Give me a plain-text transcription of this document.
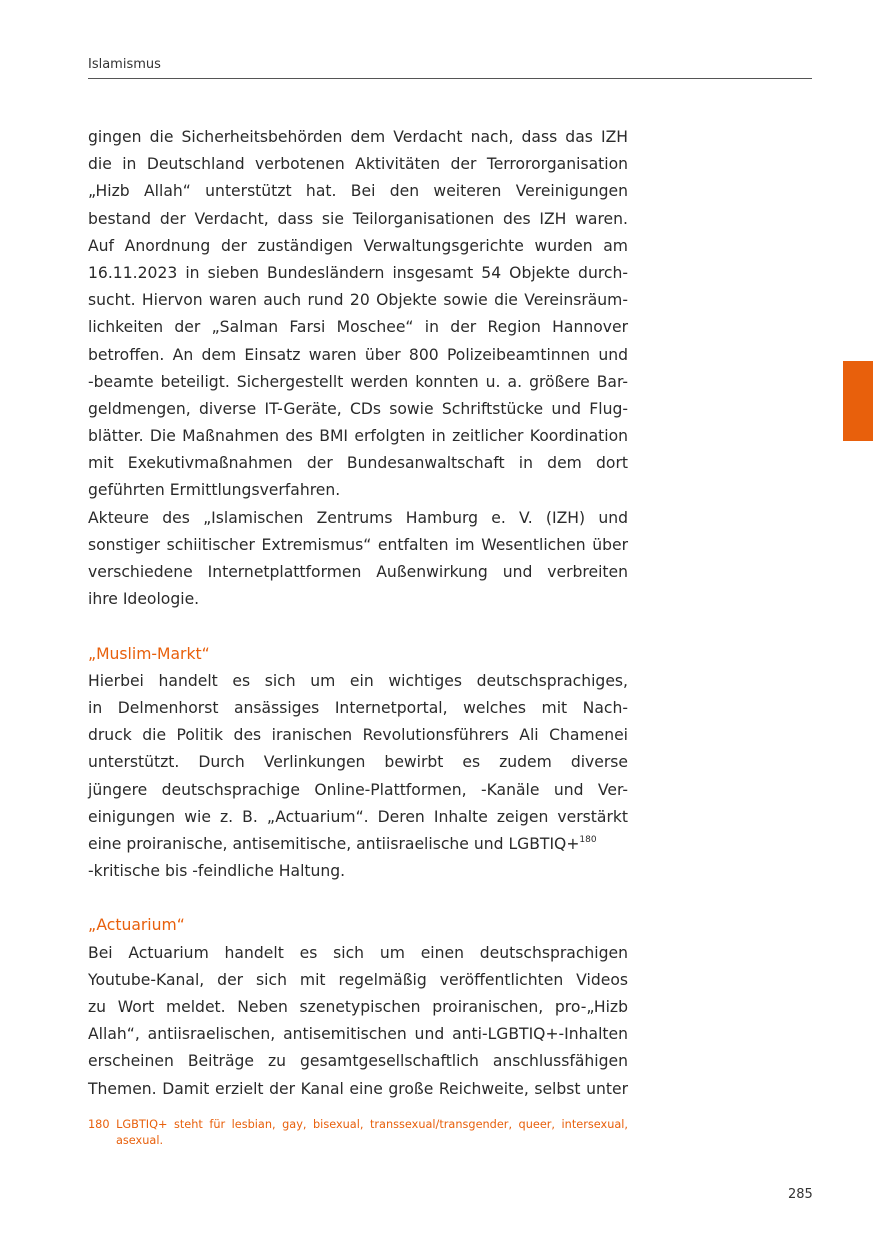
Islamismus
gingen die Sicherheitsbehörden dem Verdacht nach, dass das IZH
die in Deutschland verbotenen Aktivitäten der Terrororganisation
„Hizb Allah“ unterstützt hat. Bei den weiteren Vereinigungen
bestand der Verdacht, dass sie Teilorganisationen des IZH waren.
Auf Anordnung der zuständigen Verwaltungsgerichte wurden am
16.11.2023 in sieben Bundesländern insgesamt 54 Objekte durch-
sucht. Hiervon waren auch rund 20 Objekte sowie die Vereinsräum-
lichkeiten der „Salman Farsi Moschee“ in der Region Hannover
betroffen. An dem Einsatz waren über 800 Polizeibeamtinnen und
-beamte beteiligt. Sichergestellt werden konnten u. a. größere Bar-
geldmengen, diverse IT-Geräte, CDs sowie Schriftstücke und Flug-
blätter. Die Maßnahmen des BMI erfolgten in zeitlicher Koordination
mit Exekutivmaßnahmen der Bundesanwaltschaft in dem dort
geführten Ermittlungsverfahren.
Akteure des „Islamischen Zentrums Hamburg e. V. (IZH) und
sonstiger schiitischer Extremismus“ entfalten im Wesentlichen über
verschiedene Internetplattformen Außenwirkung und verbreiten
ihre Ideologie.
„Muslim-Markt“
Hierbei handelt es sich um ein wichtiges deutschsprachiges,
in Delmenhorst ansässiges Internetportal, welches mit Nach-
druck die Politik des iranischen Revolutionsführers Ali Chamenei
unterstützt. Durch Verlinkungen bewirbt es zudem diverse
jüngere deutschsprachige Online-Plattformen, -Kanäle und Ver-
einigungen wie z. B. „Actuarium“. Deren Inhalte zeigen verstärkt
eine proiranische, antisemitische, antiisraelische und LGBTIQ+$^{180}$
-kritische bis -feindliche Haltung.
„Actuarium“
Bei Actuarium handelt es sich um einen deutschsprachigen
Youtube-Kanal, der sich mit regelmäßig veröffentlichten Videos
zu Wort meldet. Neben szenetypischen proiranischen, pro-„Hizb
Allah“, antiisraelischen, antisemitischen und anti-LGBTIQ+-Inhalten
erscheinen Beiträge zu gesamtgesellschaftlich anschlussfähigen
Themen. Damit erzielt der Kanal eine große Reichweite, selbst unter
180 LGBTIQ+ steht für lesbian, gay, bisexual, transsexual/transgender, queer, intersexual,
asexual.
285
